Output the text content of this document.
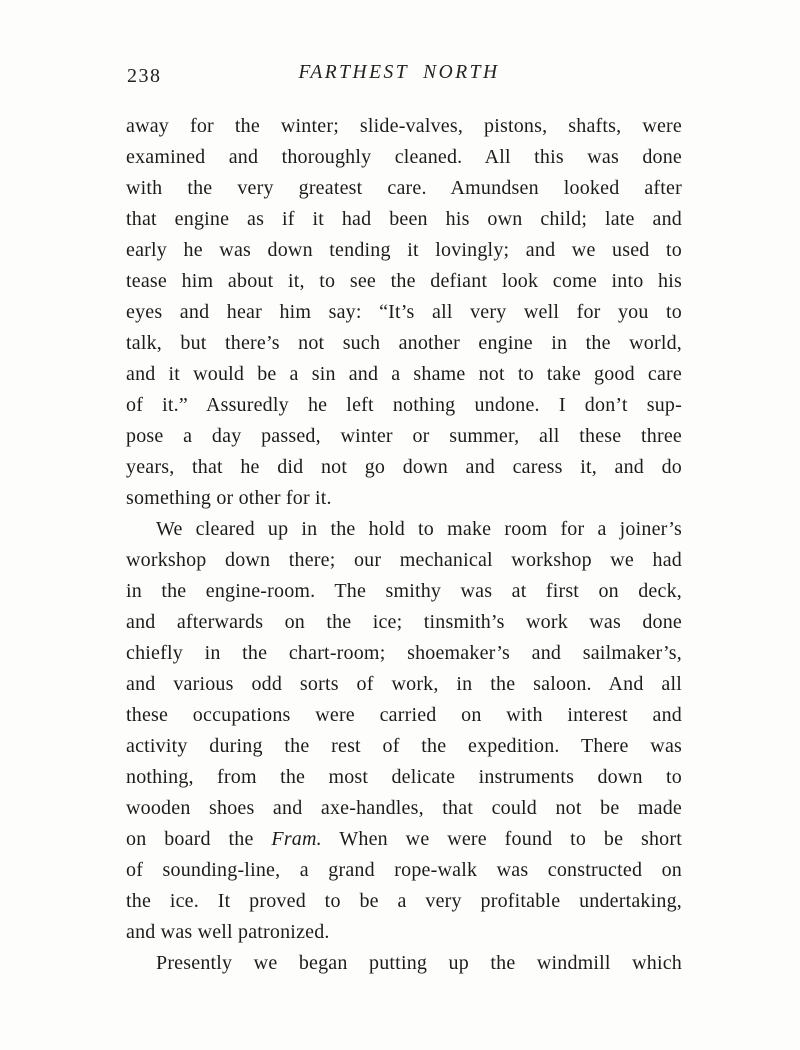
238	FARTHEST NORTH
away for the winter; slide-valves, pistons, shafts, were
examined and thoroughly cleaned. All this was done
with the very greatest care. Amundsen looked after
that engine as if it had been his own child; late and
early he was down tending it lovingly; and we used to
tease him about it, to see the defiant look come into his
eyes and hear him say: “It’s all very well for you to
talk, but there’s not such another engine in the world,
and it would be a sin and a shame not to take good care
of it.” Assuredly he left nothing undone. I don’t sup-
pose a day passed, winter or summer, all these three
years, that he did not go down and caress it, and do
something or other for it.
We cleared up in the hold to make room for a joiner’s
workshop down there; our mechanical workshop we had
in the engine-room. The smithy was at first on deck,
and afterwards on the ice; tinsmith’s work was done
chiefly in the chart-room; shoemaker’s and sailmaker’s,
and various odd sorts of work, in the saloon. And all
these occupations were carried on with interest and
activity during the rest of the expedition. There was
nothing, from the most delicate instruments down to
wooden shoes and axe-handles, that could not be made
on board the Fram. When we were found to be short
of sounding-line, a grand rope-walk was constructed on
the ice. It proved to be a very profitable undertaking,
and was well patronized.
Presently we began putting up the windmill which
